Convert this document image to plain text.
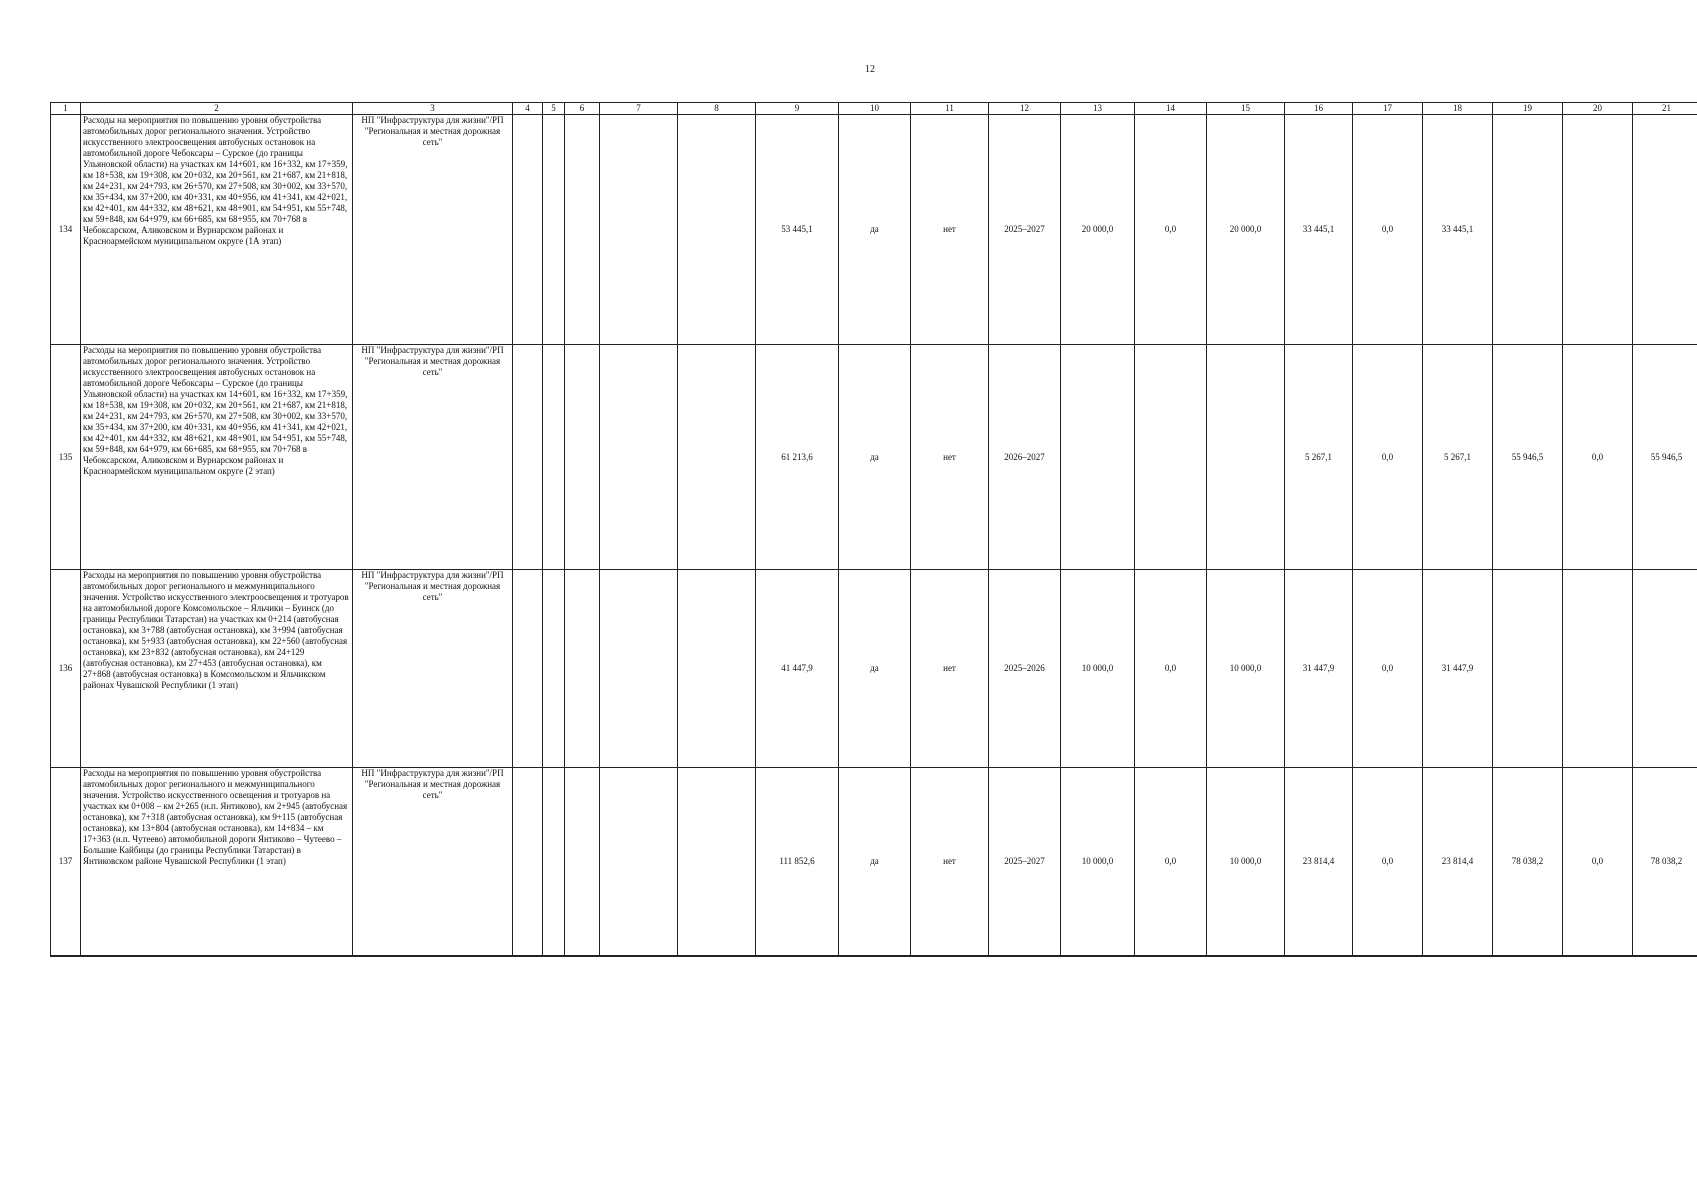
12
1	2	3	4	5	6	7	8	9	10	11	12	13	14	15	16	17	18	19	20	21
134	Расходы на мероприятия по повышению уровня обустройства автомобильных дорог регионального значения. Устройство искусственного электроосвещения автобусных остановок на автомобильной дороге Чебоксары – Сурское (до границы Ульяновской области) на участках км 14+601, км 16+332, км 17+359, км 18+538, км 19+308, км 20+032, км 20+561, км 21+687, км 21+818, км 24+231, км 24+793, км 26+570, км 27+508, км 30+002, км 33+570, км 35+434, км 37+200, км 40+331, км 40+956, км 41+341, км 42+021, км 42+401, км 44+332, км 48+621, км 48+901, км 54+951, км 55+748, км 59+848, км 64+979, км 66+685, км 68+955, км 70+768 в Чебоксарском, Аликовском и Вурнарском районах и Красноармейском муниципальном округе (1А этап)	НП "Инфраструктура для жизни"/РП "Региональная и местная дорожная сеть"						53 445,1	да	нет	2025–2027	20 000,0	0,0	20 000,0	33 445,1	0,0	33 445,1			
135	Расходы на мероприятия по повышению уровня обустройства автомобильных дорог регионального значения. Устройство искусственного электроосвещения автобусных остановок на автомобильной дороге Чебоксары – Сурское (до границы Ульяновской области) на участках км 14+601, км 16+332, км 17+359, км 18+538, км 19+308, км 20+032, км 20+561, км 21+687, км 21+818, км 24+231, км 24+793, км 26+570, км 27+508, км 30+002, км 33+570, км 35+434, км 37+200, км 40+331, км 40+956, км 41+341, км 42+021, км 42+401, км 44+332, км 48+621, км 48+901, км 54+951, км 55+748, км 59+848, км 64+979, км 66+685, км 68+955, км 70+768 в Чебоксарском, Аликовском и Вурнарском районах и Красноармейском муниципальном округе (2 этап)	НП "Инфраструктура для жизни"/РП "Региональная и местная дорожная сеть"						61 213,6	да	нет	2026–2027				5 267,1	0,0	5 267,1	55 946,5	0,0	55 946,5
136	Расходы на мероприятия по повышению уровня обустройства автомобильных дорог регионального и межмуниципального значения. Устройство искусственного электроосвещения и тротуаров на автомобильной дороге Комсомольское – Яльчики – Буинск (до границы Республики Татарстан) на участках км 0+214 (автобусная остановка), км 3+788 (автобусная остановка), км 3+994 (автобусная остановка), км 5+933 (автобусная остановка), км 22+560 (автобусная остановка), км 23+832 (автобусная остановка), км 24+129 (автобусная остановка), км 27+453 (автобусная остановка), км 27+868 (автобусная остановка) в Комсомольском и Яльчикском районах Чувашской Республики (1 этап)	НП "Инфраструктура для жизни"/РП "Региональная и местная дорожная сеть"						41 447,9	да	нет	2025–2026	10 000,0	0,0	10 000,0	31 447,9	0,0	31 447,9			
137	Расходы на мероприятия по повышению уровня обустройства автомобильных дорог регионального и межмуниципального значения. Устройство искусственного освещения и тротуаров на участках км 0+008 – км 2+265 (н.п. Янтиково), км 2+945 (автобусная остановка), км 7+318 (автобусная остановка), км 9+115 (автобусная остановка), км 13+804 (автобусная остановка), км 14+834 – км 17+363 (н.п. Чутеево) автомобильной дороги Янтиково – Чутеево – Большие Кайбицы (до границы Республики Татарстан) в Янтиковском районе Чувашской Республики (1 этап)	НП "Инфраструктура для жизни"/РП "Региональная и местная дорожная сеть"						111 852,6	да	нет	2025–2027	10 000,0	0,0	10 000,0	23 814,4	0,0	23 814,4	78 038,2	0,0	78 038,2
